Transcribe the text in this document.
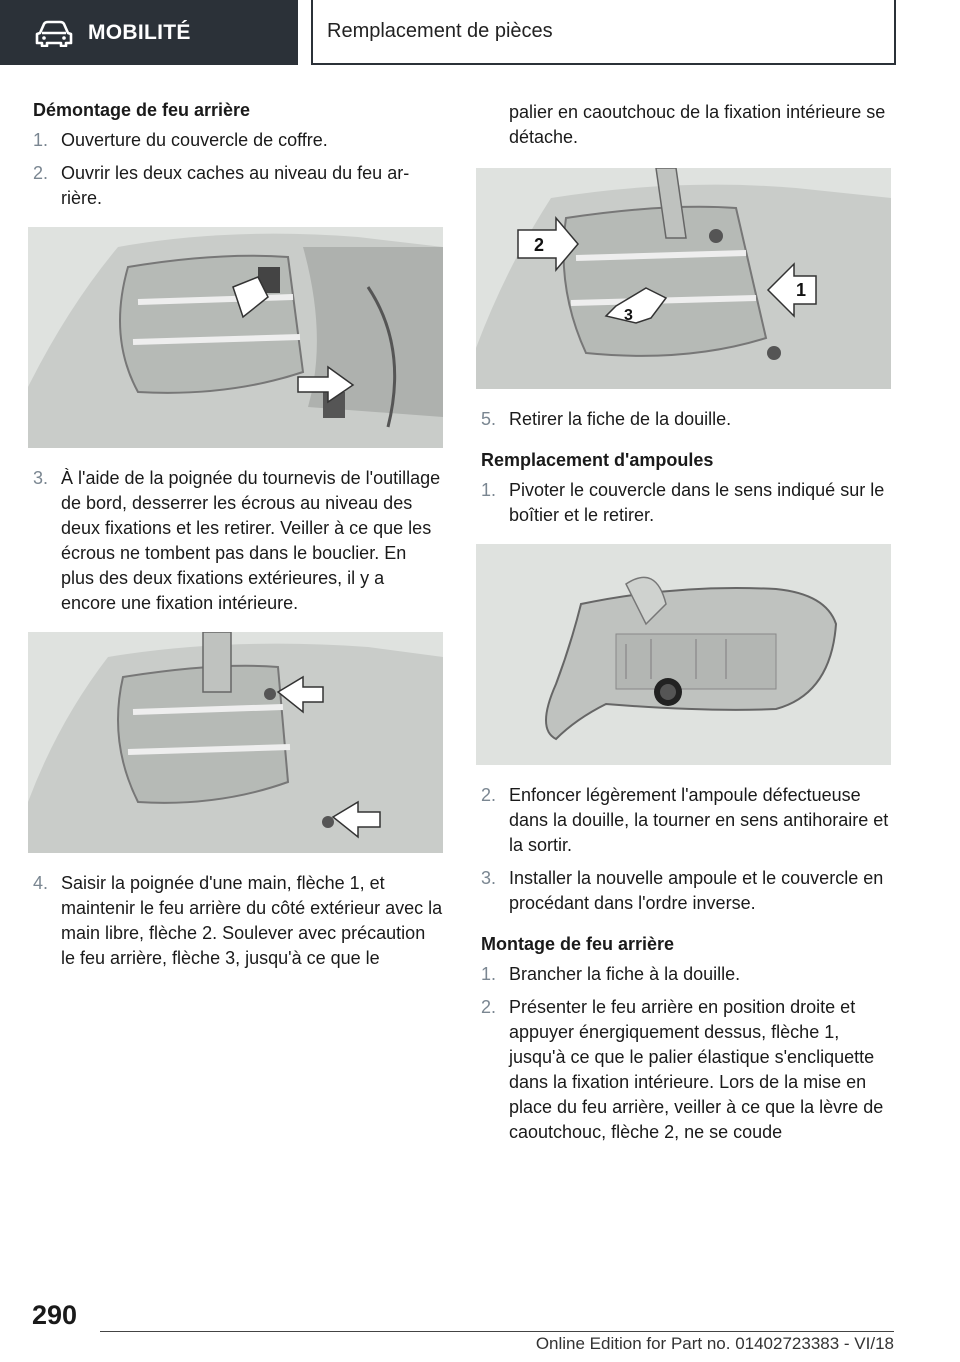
MOBILITÉ	Remplacement de pièces
Démontage de feu arrière
1. Ouverture du couvercle de coffre.
2. Ouvrir les deux caches au niveau du feu arrière.
3. À l'aide de la poignée du tournevis de l'outillage de bord, desserrer les écrous au niveau des deux fixations et les retirer. Veiller à ce que les écrous ne tombent pas dans le bouclier. En plus des deux fixations extérieures, il y a encore une fixation intérieure.
4. Saisir la poignée d'une main, flèche 1, et maintenir le feu arrière du côté extérieur avec la main libre, flèche 2. Soulever avec précaution le feu arrière, flèche 3, jusqu'à ce que le

palier en caoutchouc de la fixation intérieure se détache.

2
1
3
5. Retirer la fiche de la douille.
Remplacement d'ampoules
1. Pivoter le couvercle dans le sens indiqué sur le boîtier et le retirer.
2. Enfoncer légèrement l'ampoule défectueuse dans la douille, la tourner en sens antihoraire et la sortir.
3. Installer la nouvelle ampoule et le couvercle en procédant dans l'ordre inverse.
Montage de feu arrière
1. Brancher la fiche à la douille.
2. Présenter le feu arrière en position droite et appuyer énergiquement dessus, flèche 1, jusqu'à ce que le palier élastique s'encliquette dans la fixation intérieure. Lors de la mise en place du feu arrière, veiller à ce que la lèvre de caoutchouc, flèche 2, ne se coude
290
Online Edition for Part no. 01402723383 - VI/18
